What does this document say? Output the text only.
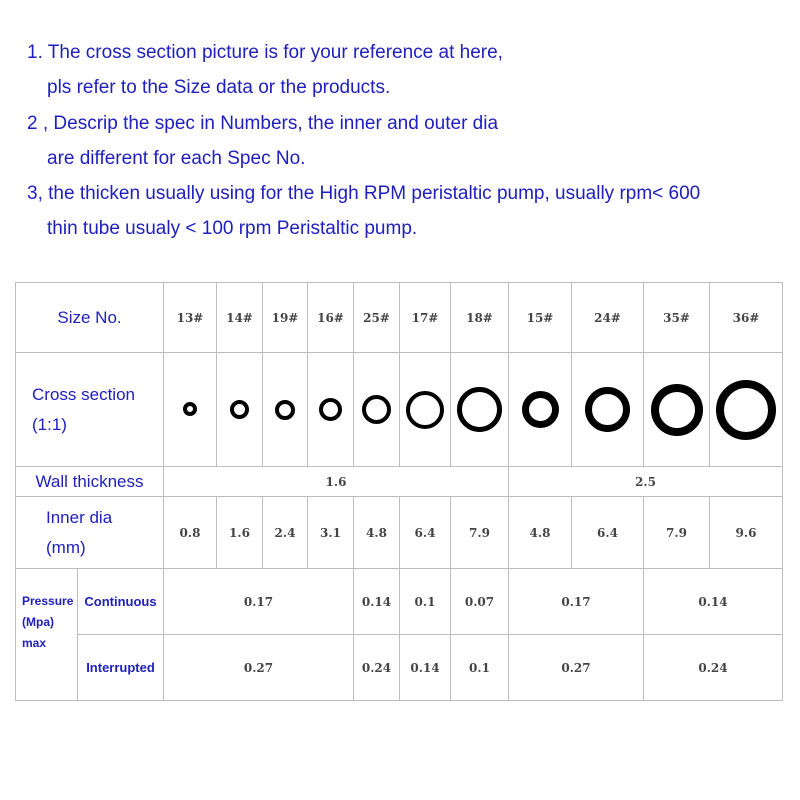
1. The cross section picture is for your reference at here,
pls refer to the Size data or the products.
2 , Descrip the spec in Numbers, the inner and outer dia
are different for each Spec No.
3, the thicken usually using for the High RPM peristaltic pump, usually rpm< 600
thin tube usualy < 100 rpm Peristaltic pump.
Size No.		13#	14#	19#	16#	25#	17#	18#	15#	24#	35#	36#

Cross section
(1:1)												

Wall thickness		1.6							2.5			

Inner dia
(mm)		0.8	1.6	2.4	3.1	4.8	6.4	7.9	4.8	6.4	7.9	9.6

Pressure
(Mpa)
max	Continuous	0.17				0.14	0.1	0.07	0.17		0.14	
	Interrupted	0.27				0.24	0.14	0.1	0.27		0.24	
